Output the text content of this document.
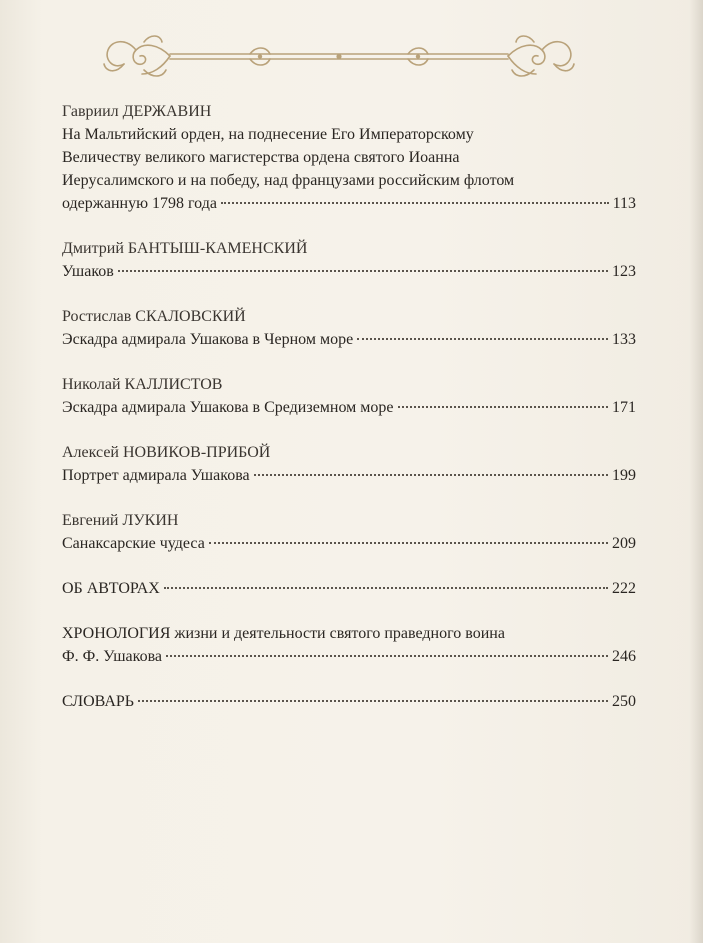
Гавриил ДЕРЖАВИН
На Мальтийский орден, на поднесение Его Императорскому
Величеству великого магистерства ордена святого Иоанна
Иерусалимского и на победу, над французами российским флотом
одержанную 1798 года	113
Дмитрий БАНТЫШ-КАМЕНСКИЙ
Ушаков	123
Ростислав СКАЛОВСКИЙ
Эскадра адмирала Ушакова в Черном море	133
Николай КАЛЛИСТОВ
Эскадра адмирала Ушакова в Средиземном море	171
Алексей НОВИКОВ-ПРИБОЙ
Портрет адмирала Ушакова	199
Евгений ЛУКИН
Санаксарские чудеса	209
ОБ АВТОРАХ	222
ХРОНОЛОГИЯ жизни и деятельности святого праведного воина
Ф. Ф. Ушакова	246
СЛОВАРЬ	250
